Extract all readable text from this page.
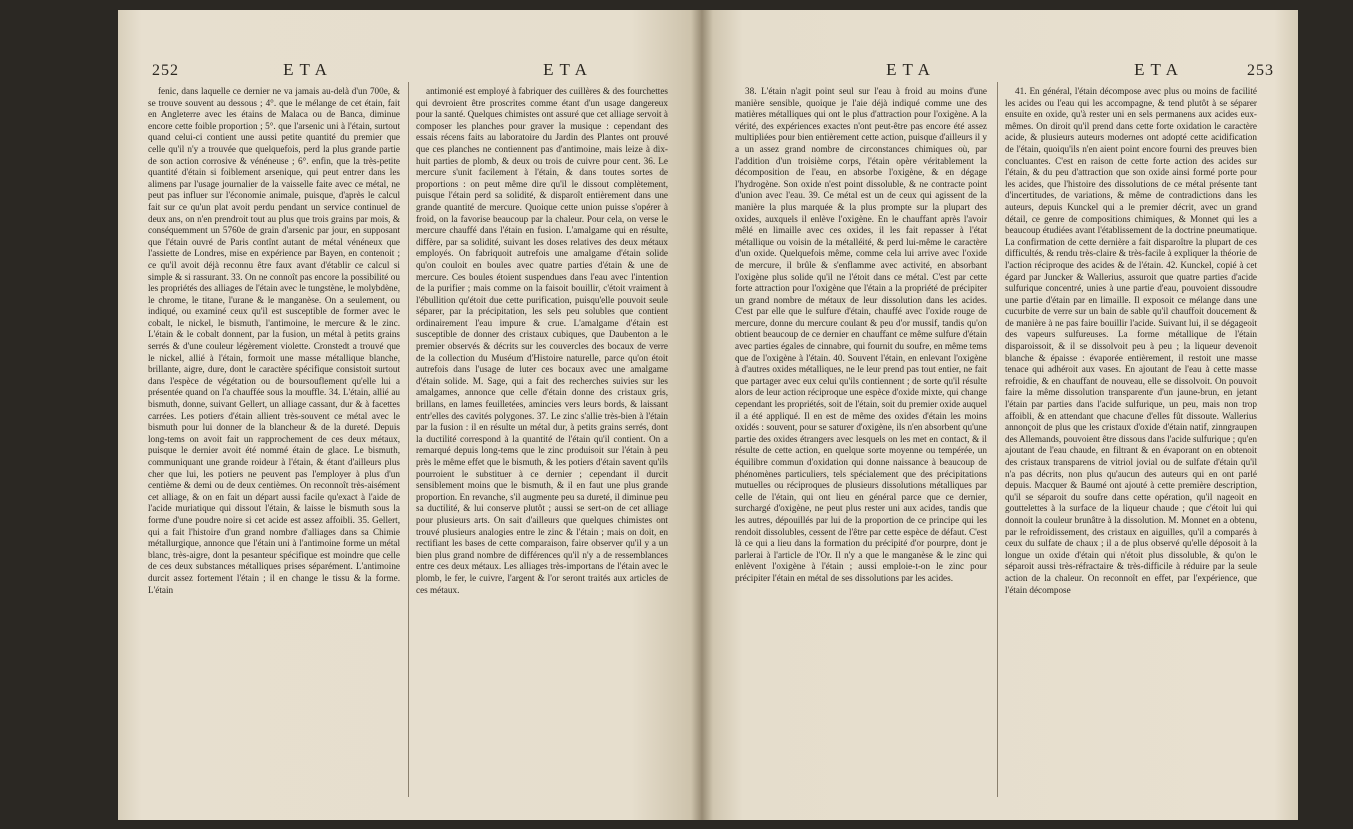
252	ETA	ETA

fenic, dans laquelle ce dernier ne va jamais au-delà d'un 700e, & se trouve souvent au dessous ; 4°. que le mélange de cet étain, fait en Angleterre avec les étains de Malaca ou de Banca, diminue encore cette foible proportion ; 5°. que l'arsenic uni à l'étain, surtout quand celui-ci contient une aussi petite quantité du premier que celle qu'il n'y a trouvée que quelquefois, perd la plus grande partie de son action corrosive & vénéneuse ; 6°. enfin, que la très-petite quantité d'étain si foiblement arsenique, qui peut entrer dans les alimens par l'usage journalier de la vaisselle faite avec ce métal, ne peut pas influer sur l'économie animale, puisque, d'après le calcul fait sur ce qu'un plat avoit perdu pendant un service continuel de deux ans, on n'en prendroit tout au plus que trois grains par mois, & conséquemment un 5760e de grain d'arsenic par jour, en supposant que l'étain ouvré de Paris contînt autant de métal vénéneux que l'assiette de Londres, mise en expérience par Bayen, en contenoit ; ce qu'il avoit déjà reconnu être faux avant d'établir ce calcul si simple & si rassurant. 33. On ne connoît pas encore la possibilité ou les propriétés des alliages de l'étain avec le tungstène, le molybdène, le chrome, le titane, l'urane & le manganèse. On a seulement, ou indiqué, ou examiné ceux qu'il est susceptible de former avec le cobalt, le nickel, le bismuth, l'antimoine, le mercure & le zinc. L'étain & le cobalt donnent, par la fusion, un métal à petits grains serrés & d'une couleur légèrement violette. Cronstedt a trouvé que le nickel, allié à l'étain, formoit une masse métallique blanche, brillante, aigre, dure, dont le caractère spécifique consistoit surtout dans l'espèce de végétation ou de boursouflement qu'elle lui a présentée quand on l'a chauffée sous la mouffle. 34. L'étain, allié au bismuth, donne, suivant Gellert, un alliage cassant, dur & à facettes carrées. Les potiers d'étain allient très-souvent ce métal avec le bismuth pour lui donner de la blancheur & de la dureté. Depuis long-tems on avoit fait un rapprochement de ces deux métaux, puisque le dernier avoit été nommé étain de glace. Le bismuth, communiquant une grande roideur à l'étain, & étant d'ailleurs plus cher que lui, les potiers ne peuvent pas l'employer à plus d'un centième & demi ou de deux centièmes. On reconnoît très-aisément cet alliage, & on en fait un départ aussi facile qu'exact à l'aide de l'acide muriatique qui dissout l'étain, & laisse le bismuth sous la forme d'une poudre noire si cet acide est assez affoibli. 35. Gellert, qui a fait l'histoire d'un grand nombre d'alliages dans sa Chimie métallurgique, annonce que l'étain uni à l'antimoine forme un métal blanc, très-aigre, dont la pesanteur spécifique est moindre que celle de ces deux substances métalliques prises séparément. L'antimoine durcit assez fortement l'étain ; il en change le tissu & la forme. L'étain

antimonié est employé à fabriquer des cuillères & des fourchettes qui devroient être proscrites comme étant d'un usage dangereux pour la santé. Quelques chimistes ont assuré que cet alliage servoit à composer les planches pour graver la musique : cependant des essais récens faits au laboratoire du Jardin des Plantes ont prouvé que ces planches ne contiennent pas d'antimoine, mais leize à dix-huit parties de plomb, & deux ou trois de cuivre pour cent. 36. Le mercure s'unit facilement à l'étain, & dans toutes sortes de proportions : on peut même dire qu'il le dissout complètement, puisque l'étain perd sa solidité, & disparoît entièrement dans une grande quantité de mercure. Quoique cette union puisse s'opérer à froid, on la favorise beaucoup par la chaleur. Pour cela, on verse le mercure chauffé dans l'étain en fusion. L'amalgame qui en résulte, diffère, par sa solidité, suivant les doses relatives des deux métaux employés. On fabriquoit autrefois une amalgame d'étain solide qu'on couloit en boules avec quatre parties d'étain & une de mercure. Ces boules étoient suspendues dans l'eau avec l'intention de la purifier ; mais comme on la faisoit bouillir, c'étoit vraiment à l'ébullition qu'étoit due cette purification, puisqu'elle pouvoit seule séparer, par la précipitation, les sels peu solubles que contient ordinairement l'eau impure & crue. L'amalgame d'étain est susceptible de donner des cristaux cubiques, que Daubenton a le premier observés & décrits sur les couvercles des bocaux de verre de la collection du Muséum d'Histoire naturelle, parce qu'on étoit autrefois dans l'usage de luter ces bocaux avec une amalgame d'étain solide. M. Sage, qui a fait des recherches suivies sur les amalgames, annonce que celle d'étain donne des cristaux gris, brillans, en lames feuilletées, amincies vers leurs bords, & laissant entr'elles des cavités polygones. 37. Le zinc s'allie très-bien à l'étain par la fusion : il en résulte un métal dur, à petits grains serrés, dont la ductilité correspond à la quantité de l'étain qu'il contient. On a remarqué depuis long-tems que le zinc produisoit sur l'étain à peu près le même effet que le bismuth, & les potiers d'étain savent qu'ils pourroient le substituer à ce dernier ; cependant il durcit sensiblement moins que le bismuth, & il en faut une plus grande proportion. En revanche, s'il augmente peu sa dureté, il diminue peu sa ductilité, & lui conserve plutôt ; aussi se sert-on de cet alliage pour plusieurs arts. On sait d'ailleurs que quelques chimistes ont trouvé plusieurs analogies entre le zinc & l'étain ; mais on doit, en rectifiant les bases de cette comparaison, faire observer qu'il y a un bien plus grand nombre de différences qu'il n'y a de ressemblances entre ces deux métaux. Les alliages très-importans de l'étain avec le plomb, le fer, le cuivre, l'argent & l'or seront traités aux articles de ces métaux.

ETA	ETA	253

38. L'étain n'agit point seul sur l'eau à froid au moins d'une manière sensible, quoique je l'aie déjà indiqué comme une des matières métalliques qui ont le plus d'attraction pour l'oxigène. A la vérité, des expériences exactes n'ont peut-être pas encore été assez multipliées pour bien entièrement cette action, puisque d'ailleurs il y a un assez grand nombre de circonstances chimiques où, par l'addition d'un troisième corps, l'étain opère véritablement la décomposition de l'eau, en absorbe l'oxigène, & en dégage l'hydrogène. Son oxide n'est point dissoluble, & ne contracte point d'union avec l'eau. 39. Ce métal est un de ceux qui agissent de la manière la plus marquée & la plus prompte sur la plupart des oxides, auxquels il enlève l'oxigène. En le chauffant après l'avoir mêlé en limaille avec ces oxides, il les fait repasser à l'état métallique ou voisin de la métalléité, & perd lui-même le caractère d'un oxide. Quelquefois même, comme cela lui arrive avec l'oxide de mercure, il brûle & s'enflamme avec activité, en absorbant l'oxigène plus solide qu'il ne l'étoit dans ce métal. C'est par cette forte attraction pour l'oxigène que l'étain a la propriété de précipiter un grand nombre de métaux de leur dissolution dans les acides. C'est par elle que le sulfure d'étain, chauffé avec l'oxide rouge de mercure, donne du mercure coulant & peu d'or mussif, tandis qu'on obtient beaucoup de ce dernier en chauffant ce même sulfure d'étain avec parties égales de cinnabre, qui fournit du soufre, en même tems que de l'oxigène à l'étain. 40. Souvent l'étain, en enlevant l'oxigène à d'autres oxides métalliques, ne le leur prend pas tout entier, ne fait que partager avec eux celui qu'ils contiennent ; de sorte qu'il résulte alors de leur action réciproque une espèce d'oxide mixte, qui change cependant les propriétés, soit de l'étain, soit du premier oxide auquel il a été appliqué. Il en est de même des oxides d'étain les moins oxidés : souvent, pour se saturer d'oxigène, ils n'en absorbent qu'une partie des oxides étrangers avec lesquels on les met en contact, & il résulte de cette action, en quelque sorte moyenne ou tempérée, un équilibre commun d'oxidation qui donne naissance à beaucoup de phénomènes particuliers, tels spécialement que des précipitations mutuelles ou réciproques de plusieurs dissolutions métalliques par celle de l'étain, qui ont lieu en général parce que ce dernier, surchargé d'oxigène, ne peut plus rester uni aux acides, tandis que les autres, dépouillés par lui de la proportion de ce principe qui les rendoit dissolubles, cessent de l'être par cette espèce de défaut. C'est là ce qui a lieu dans la formation du précipité d'or pourpre, dont je parlerai à l'article de l'Or. Il n'y a que le manganèse & le zinc qui enlèvent l'oxigène à l'étain ; aussi emploie-t-on le zinc pour précipiter l'étain en métal de ses dissolutions par les acides.

41. En général, l'étain décompose avec plus ou moins de facilité les acides ou l'eau qui les accompagne, & tend plutôt à se séparer ensuite en oxide, qu'à rester uni en sels permanens aux acides eux-mêmes. On diroit qu'il prend dans cette forte oxidation le caractère acide, & plusieurs auteurs modernes ont adopté cette acidification de l'étain, quoiqu'ils n'en aient point encore fourni des preuves bien concluantes. C'est en raison de cette forte action des acides sur l'étain, & du peu d'attraction que son oxide ainsi formé porte pour les acides, que l'histoire des dissolutions de ce métal présente tant d'incertitudes, de variations, & même de contradictions dans les auteurs, depuis Kunckel qui a le premier décrit, avec un grand détail, ce genre de compositions chimiques, & Monnet qui les a beaucoup étudiées avant l'établissement de la doctrine pneumatique. La confirmation de cette dernière a fait disparoître la plupart de ces difficultés, & rendu très-claire & très-facile à expliquer la théorie de l'action réciproque des acides & de l'étain. 42. Kunckel, copié à cet égard par Juncker & Wallerius, assuroit que quatre parties d'acide sulfurique concentré, unies à une partie d'eau, pouvoient dissoudre une partie d'étain par en limaille. Il exposoit ce mélange dans une cucurbite de verre sur un bain de sable qu'il chauffoit doucement & de manière à ne pas faire bouillir l'acide. Suivant lui, il se dégageoit des vapeurs sulfureuses. La forme métallique de l'étain disparoissoit, & il se dissolvoit peu à peu ; la liqueur devenoit blanche & épaisse : évaporée entièrement, il restoit une masse tenace qui adhéroit aux vases. En ajoutant de l'eau à cette masse refroidie, & en chauffant de nouveau, elle se dissolvoit. On pouvoit faire la même dissolution transparente d'un jaune-brun, en jetant l'étain par parties dans l'acide sulfurique, un peu, mais non trop affoibli, & en attendant que chacune d'elles fût dissoute. Wallerius annonçoit de plus que les cristaux d'oxide d'étain natif, zinngraupen des Allemands, pouvoient être dissous dans l'acide sulfurique ; qu'en ajoutant de l'eau chaude, en filtrant & en évaporant on en obtenoit des cristaux transparens de vitriol jovial ou de sulfate d'étain qu'il n'a pas décrits, non plus qu'aucun des auteurs qui en ont parlé depuis. Macquer & Baumé ont ajouté à cette première description, qu'il se séparoit du soufre dans cette opération, qu'il nageoit en gouttelettes à la surface de la liqueur chaude ; que c'étoit lui qui donnoit la couleur brunâtre à la dissolution. M. Monnet en a obtenu, par le refroidissement, des cristaux en aiguilles, qu'il a comparés à ceux du sulfate de chaux ; il a de plus observé qu'elle déposoit à la longue un oxide d'étain qui n'étoit plus dissoluble, & qu'on le séparoit aussi très-réfractaire & très-difficile à réduire par la seule action de la chaleur. On reconnoît en effet, par l'expérience, que l'étain décompose
